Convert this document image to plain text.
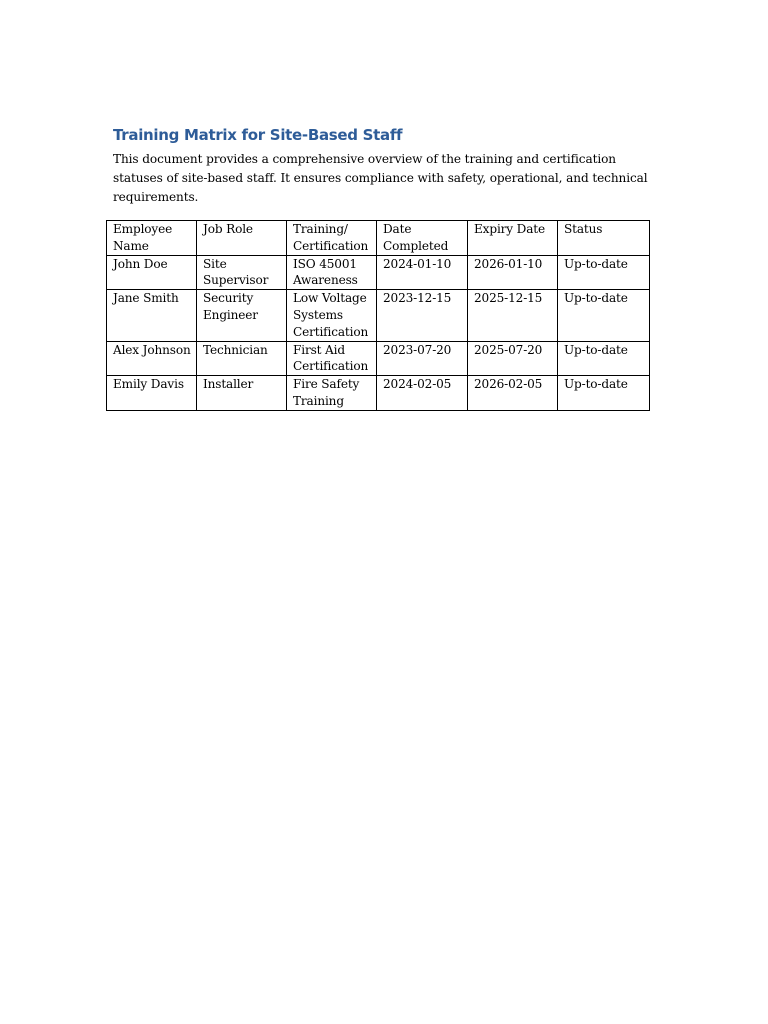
Training Matrix for Site-Based Staff

This document provides a comprehensive overview of the training and certification statuses of site-based staff. It ensures compliance with safety, operational, and technical requirements.

Employee Name	Job Role	Training/ Certification	Date Completed	Expiry Date	Status
John Doe	Site Supervisor	ISO 45001 Awareness	2024-01-10	2026-01-10	Up-to-date
Jane Smith	Security Engineer	Low Voltage Systems Certification	2023-12-15	2025-12-15	Up-to-date
Alex Johnson	Technician	First Aid Certification	2023-07-20	2025-07-20	Up-to-date
Emily Davis	Installer	Fire Safety Training	2024-02-05	2026-02-05	Up-to-date
